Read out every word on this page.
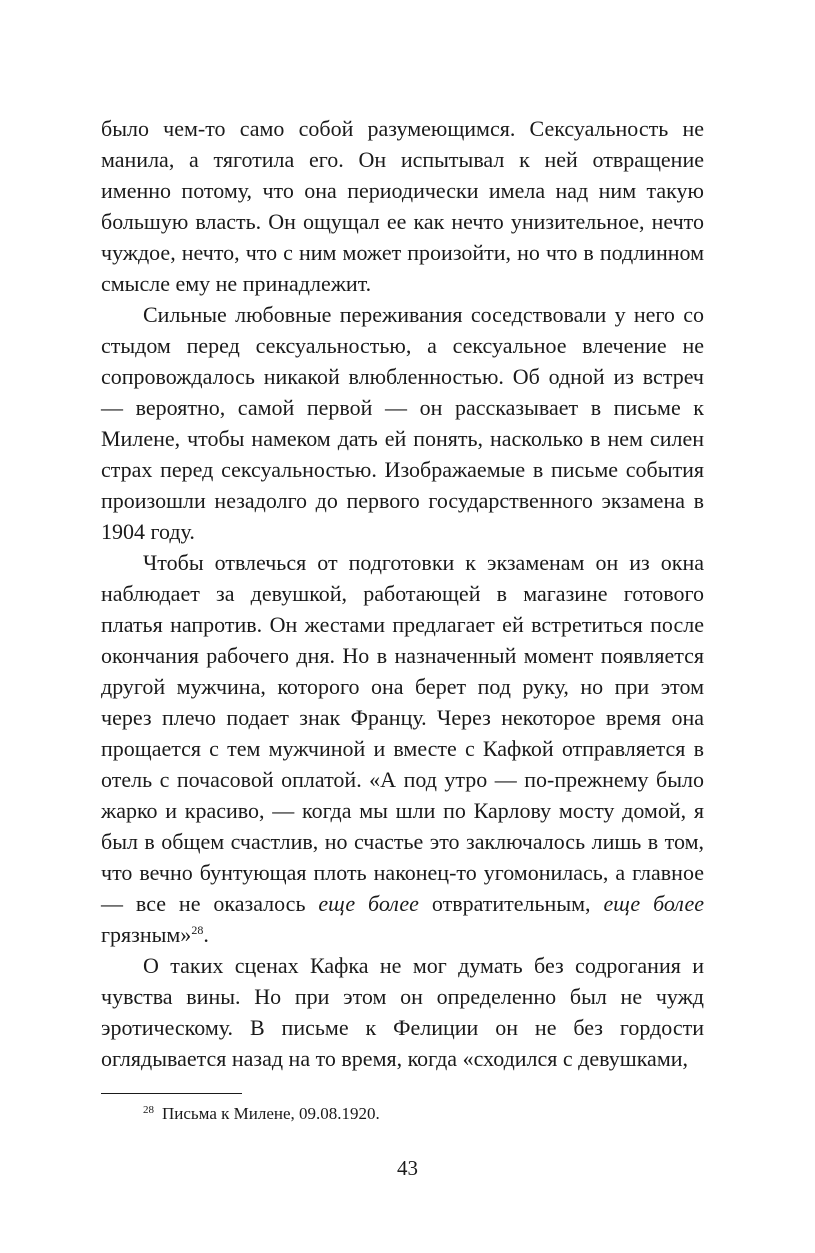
было чем-то само собой разумеющимся. Сексуальность не манила, а тяготила его. Он испытывал к ней отвращение именно потому, что она периодически имела над ним такую большую власть. Он ощущал ее как нечто унизительное, нечто чуждое, нечто, что с ним может произойти, но что в подлинном смысле ему не принадлежит.

Сильные любовные переживания соседствовали у него со стыдом перед сексуальностью, а сексуальное влечение не сопровождалось никакой влюбленностью. Об одной из встреч — вероятно, самой первой — он рассказывает в письме к Милене, чтобы намеком дать ей понять, насколько в нем силен страх перед сексуальностью. Изображаемые в письме события произошли незадолго до первого государственного экзамена в 1904 году.

Чтобы отвлечься от подготовки к экзаменам он из окна наблюдает за девушкой, работающей в магазине готового платья напротив. Он жестами предлагает ей встретиться после окончания рабочего дня. Но в назначенный момент появляется другой мужчина, которого она берет под руку, но при этом через плечо подает знак Францу. Через некоторое время она прощается с тем мужчиной и вместе с Кафкой отправляется в отель с почасовой оплатой. «А под утро — по-прежнему было жарко и красиво, — когда мы шли по Карлову мосту домой, я был в общем счастлив, но счастье это заключалось лишь в том, что вечно бунтующая плоть наконец-то угомонилась, а главное — все не оказалось еще более отвратительным, еще более грязным»$^{28}$.

О таких сценах Кафка не мог думать без содрогания и чувства вины. Но при этом он определенно был не чужд эротическому. В письме к Фелиции он не без гордости оглядывается назад на то время, когда «сходился с девушками,

$^{28}$ Письма к Милене, 09.08.1920.
43
